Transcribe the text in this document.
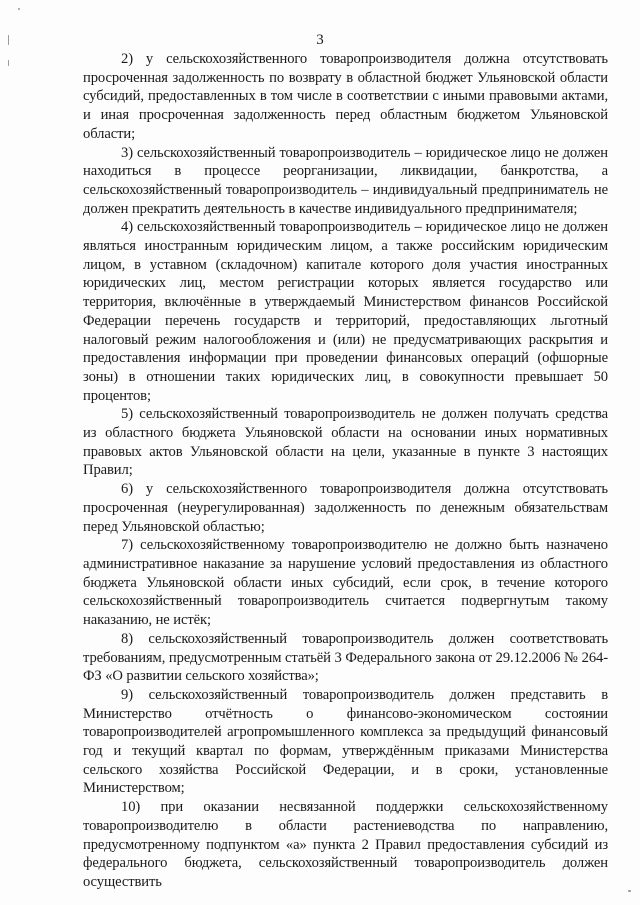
3

2) у сельскохозяйственного товаропроизводителя должна отсутствовать просроченная задолженность по возврату в областной бюджет Ульяновской области субсидий, предоставленных в том числе в соответствии с иными правовыми актами, и иная просроченная задолженность перед областным бюджетом Ульяновской области;

3) сельскохозяйственный товаропроизводитель – юридическое лицо не должен находиться в процессе реорганизации, ликвидации, банкротства, а сельскохозяйственный товаропроизводитель – индивидуальный предприниматель не должен прекратить деятельность в качестве индивидуального предпринимателя;

4) сельскохозяйственный товаропроизводитель – юридическое лицо не должен являться иностранным юридическим лицом, а также российским юридическим лицом, в уставном (складочном) капитале которого доля участия иностранных юридических лиц, местом регистрации которых является государство или территория, включённые в утверждаемый Министерством финансов Российской Федерации перечень государств и территорий, предоставляющих льготный налоговый режим налогообложения и (или) не предусматривающих раскрытия и предоставления информации при проведении финансовых операций (офшорные зоны) в отношении таких юридических лиц, в совокупности превышает 50 процентов;

5) сельскохозяйственный товаропроизводитель не должен получать средства из областного бюджета Ульяновской области на основании иных нормативных правовых актов Ульяновской области на цели, указанные в пункте 3 настоящих Правил;

6) у сельскохозяйственного товаропроизводителя должна отсутствовать просроченная (неурегулированная) задолженность по денежным обязательствам перед Ульяновской областью;

7) сельскохозяйственному товаропроизводителю не должно быть назначено административное наказание за нарушение условий предоставления из областного бюджета Ульяновской области иных субсидий, если срок, в течение которого сельскохозяйственный товаропроизводитель считается подвергнутым такому наказанию, не истёк;

8) сельскохозяйственный товаропроизводитель должен соответствовать требованиям, предусмотренным статьёй 3 Федерального закона от 29.12.2006 № 264-ФЗ «О развитии сельского хозяйства»;

9) сельскохозяйственный товаропроизводитель должен представить в Министерство отчётность о финансово-экономическом состоянии товаропроизводителей агропромышленного комплекса за предыдущий финансовый год и текущий квартал по формам, утверждённым приказами Министерства сельского хозяйства Российской Федерации, и в сроки, установленные Министерством;

10) при оказании несвязанной поддержки сельскохозяйственному товаропроизводителю в области растениеводства по направлению, предусмотренному подпунктом «а» пункта 2 Правил предоставления субсидий из федерального бюджета, сельскохозяйственный товаропроизводитель должен осуществить
